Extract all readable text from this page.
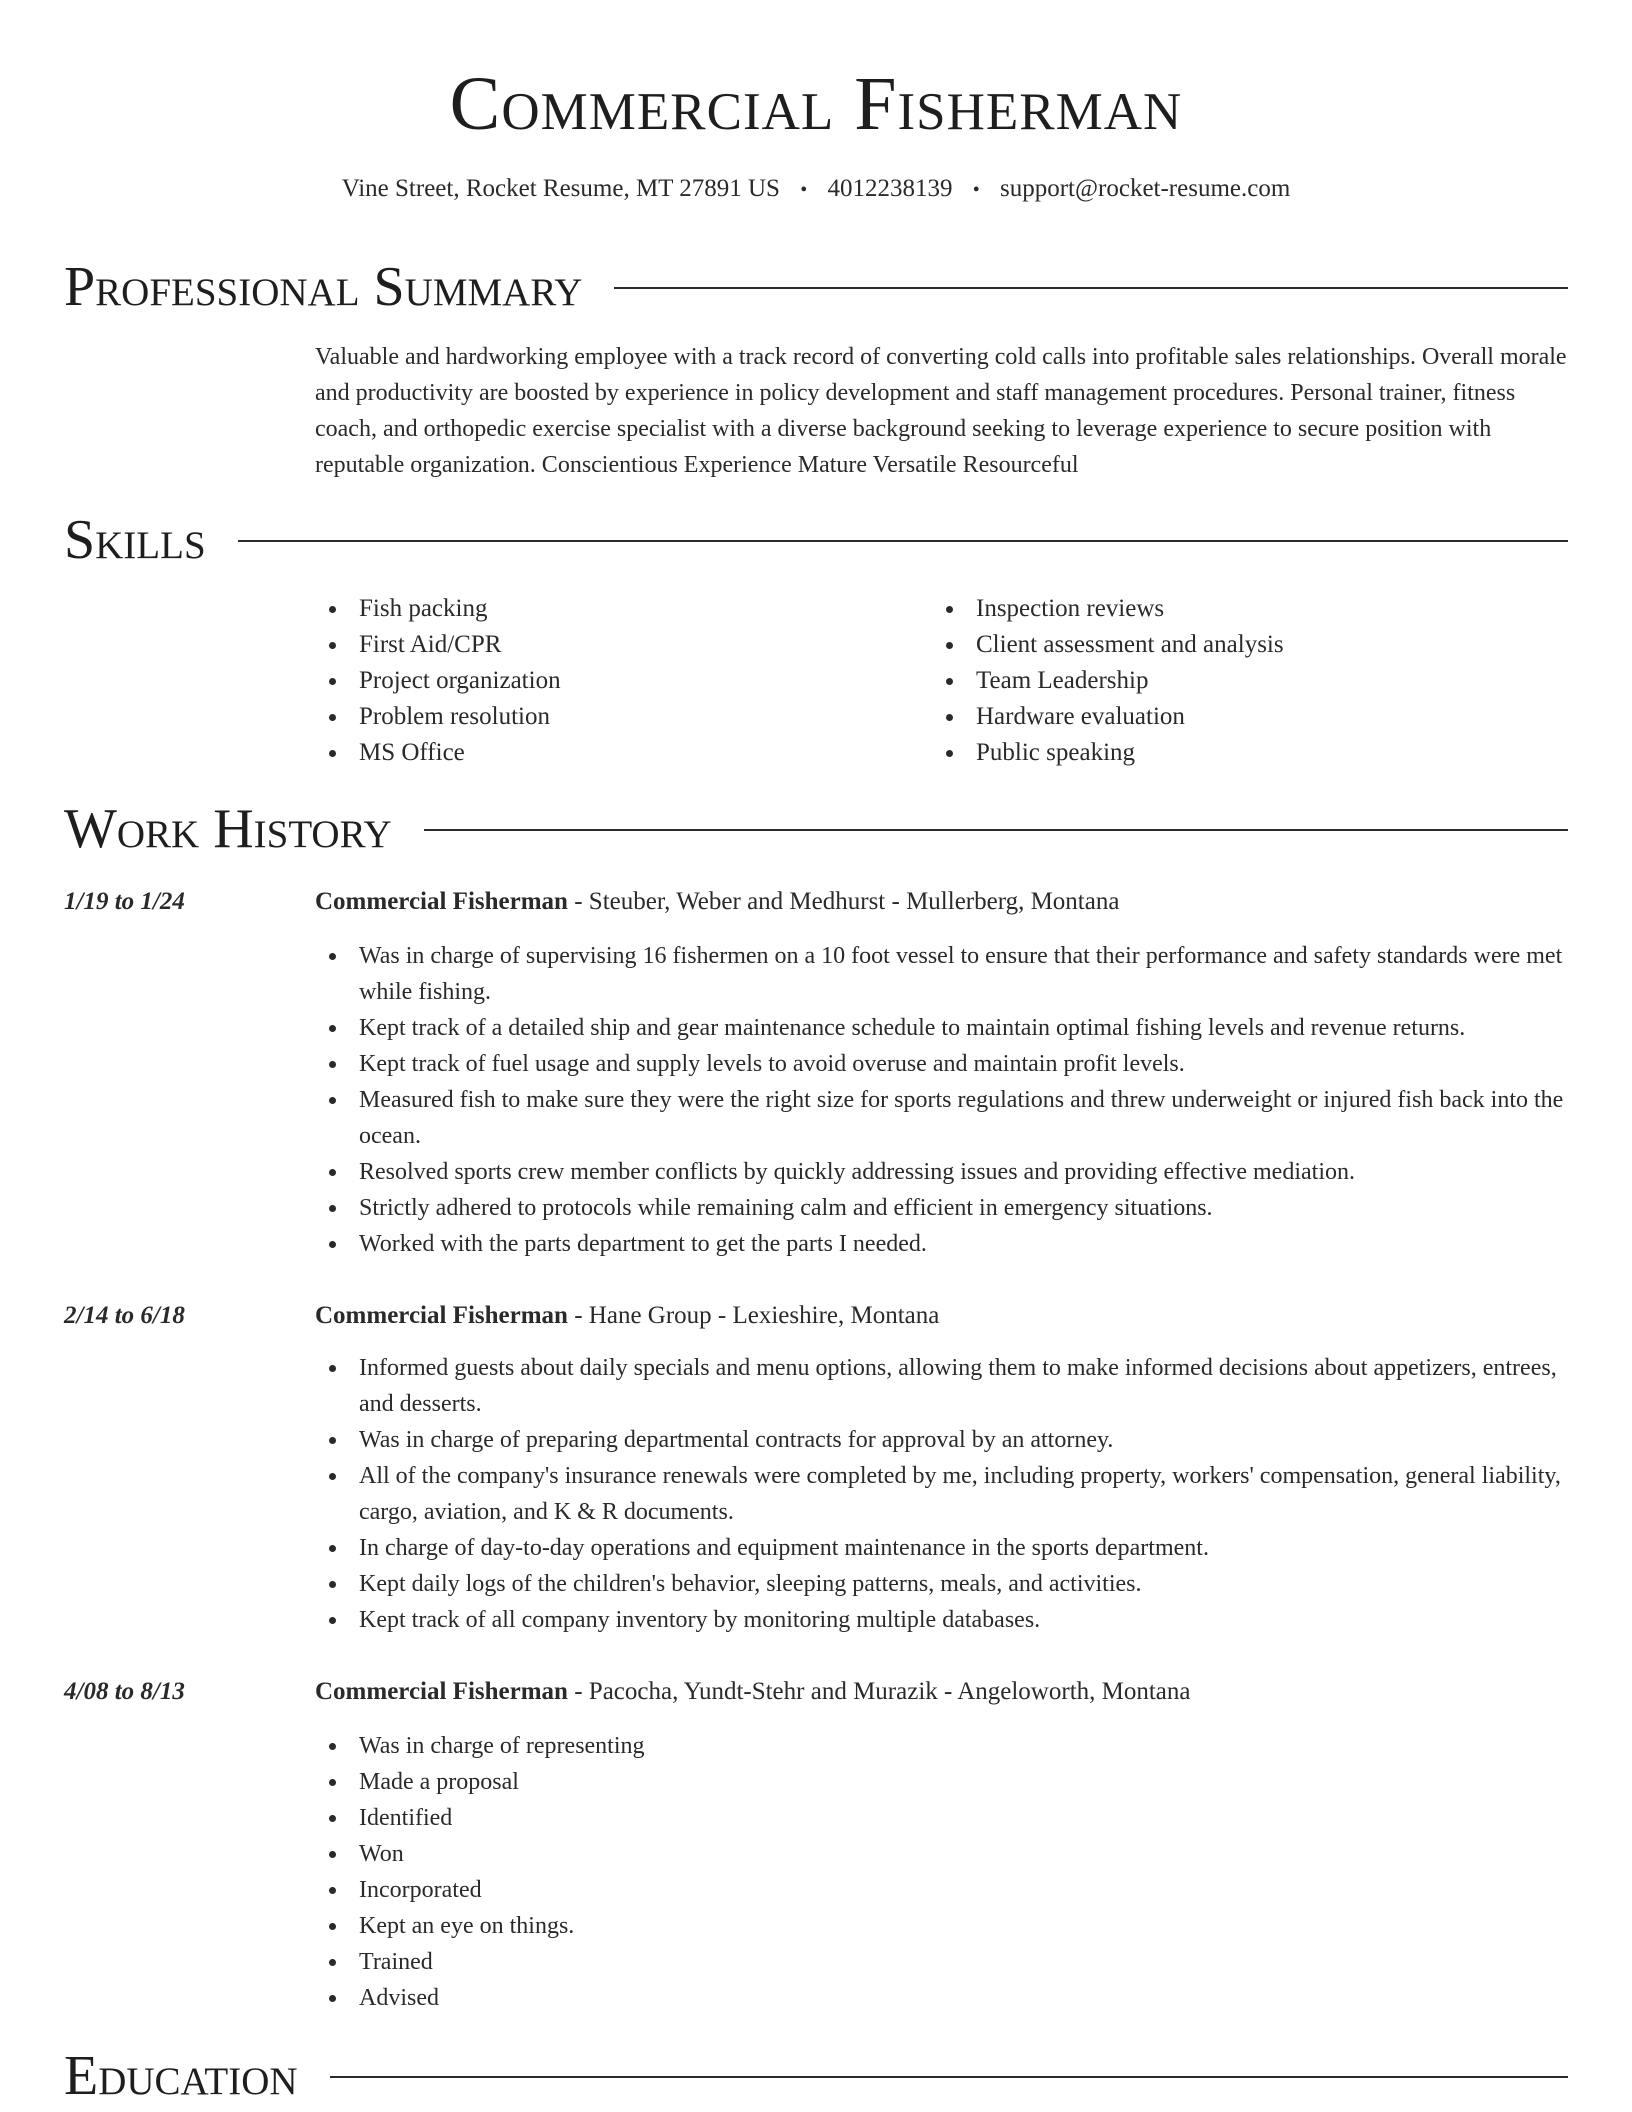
Commercial Fisherman
Vine Street, Rocket Resume, MT 27891 US • 4012238139 • support@rocket-resume.com
Professional Summary
Valuable and hardworking employee with a track record of converting cold calls into profitable sales relationships. Overall morale and productivity are boosted by experience in policy development and staff management procedures. Personal trainer, fitness coach, and orthopedic exercise specialist with a diverse background seeking to leverage experience to secure position with reputable organization. Conscientious Experience Mature Versatile Resourceful
Skills
Fish packing
First Aid/CPR
Project organization
Problem resolution
MS Office
Inspection reviews
Client assessment and analysis
Team Leadership
Hardware evaluation
Public speaking
Work History
1/19 to 1/24	Commercial Fisherman - Steuber, Weber and Medhurst - Mullerberg, Montana
Was in charge of supervising 16 fishermen on a 10 foot vessel to ensure that their performance and safety standards were met while fishing.
Kept track of a detailed ship and gear maintenance schedule to maintain optimal fishing levels and revenue returns.
Kept track of fuel usage and supply levels to avoid overuse and maintain profit levels.
Measured fish to make sure they were the right size for sports regulations and threw underweight or injured fish back into the ocean.
Resolved sports crew member conflicts by quickly addressing issues and providing effective mediation.
Strictly adhered to protocols while remaining calm and efficient in emergency situations.
Worked with the parts department to get the parts I needed.
2/14 to 6/18	Commercial Fisherman - Hane Group - Lexieshire, Montana
Informed guests about daily specials and menu options, allowing them to make informed decisions about appetizers, entrees, and desserts.
Was in charge of preparing departmental contracts for approval by an attorney.
All of the company's insurance renewals were completed by me, including property, workers' compensation, general liability, cargo, aviation, and K & R documents.
In charge of day-to-day operations and equipment maintenance in the sports department.
Kept daily logs of the children's behavior, sleeping patterns, meals, and activities.
Kept track of all company inventory by monitoring multiple databases.
4/08 to 8/13	Commercial Fisherman - Pacocha, Yundt-Stehr and Murazik - Angeloworth, Montana
Was in charge of representing
Made a proposal
Identified
Won
Incorporated
Kept an eye on things.
Trained
Advised
Education
